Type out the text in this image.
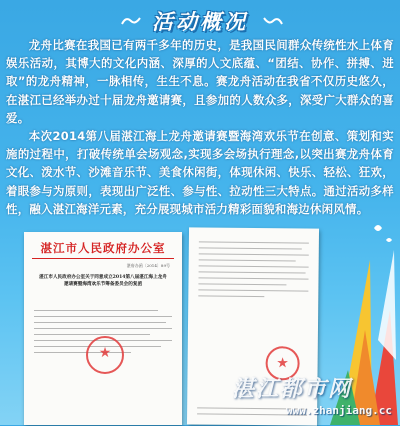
活动概况

龙舟比赛在我国已有两千多年的历史，是我国民间群众传统性水上体育娱乐活动，其博大的文化内涵、深厚的人文底蕴、“团结、协作、拼搏、进取”的龙舟精神，一脉相传，生生不息。赛龙舟活动在我省不仅历史悠久，在湛江已经举办过十届龙舟邀请赛，且参加的人数众多，深受广大群众的喜爱。

本次2014第八届湛江海上龙舟邀请赛暨海湾欢乐节在创意、策划和实施的过程中，打破传统单会场观念,实现多会场执行理念,以突出赛龙舟体育文化、泼水节、沙滩音乐节、美食休闲街，体现休闲、快乐、轻松、狂欢，着眼参与为原则，表现出广泛性、参与性、拉动性三大特点。通过活动多样性，融入湛江海洋元素，充分展现城市活力精彩面貌和海边休闲风情。

湛江市人民政府办公室
湛府办函〔2014〕89号
湛江市人民政府办公室关于同意成立2014第八届湛江海上龙舟邀请赛暨海湾欢乐节筹备委员会的复函
★
★
湛江都市网
www.zhanjiang.cc
